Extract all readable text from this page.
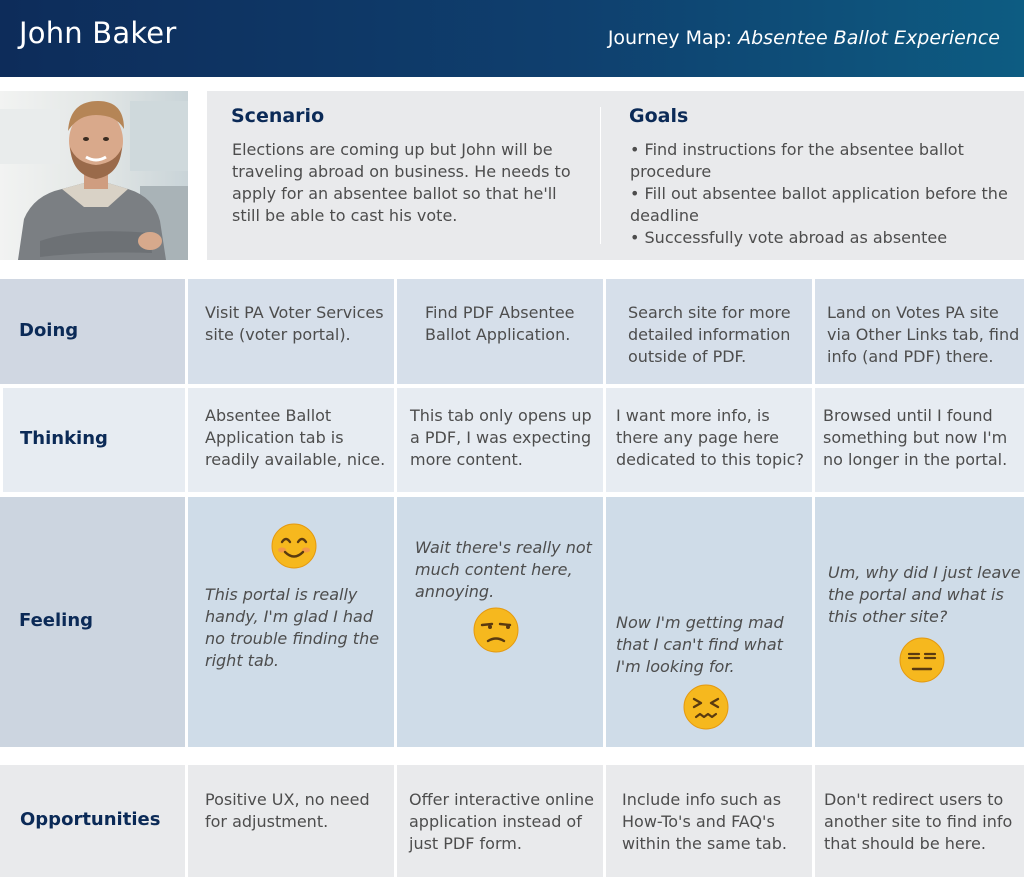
John Baker	Journey Map: Absentee Ballot Experience
Scenario
Elections are coming up but John will be traveling abroad on business. He needs to apply for an absentee ballot so that he'll still be able to cast his vote.
Goals
• Find instructions for the absentee ballot procedure
• Fill out absentee ballot application before the deadline
• Successfully vote abroad as absentee
Doing
Visit PA Voter Services site (voter portal).
Find PDF Absentee Ballot Application.
Search site for more detailed information outside of PDF.
Land on Votes PA site via Other Links tab, find info (and PDF) there.
Thinking
Absentee Ballot Application tab is readily available, nice.
This tab only opens up a PDF, I was expecting more content.
I want more info, is there any page here dedicated to this topic?
Browsed until I found something but now I'm no longer in the portal.
Feeling
This portal is really handy, I'm glad I had no trouble finding the right tab.
Wait there's really not much content here, annoying.
Now I'm getting mad that I can't find what I'm looking for.
Um, why did I just leave the portal and what is this other site?
Opportunities
Positive UX, no need for adjustment.
Offer interactive online application instead of just PDF form.
Include info such as How-To's and FAQ's within the same tab.
Don't redirect users to another site to find info that should be here.
